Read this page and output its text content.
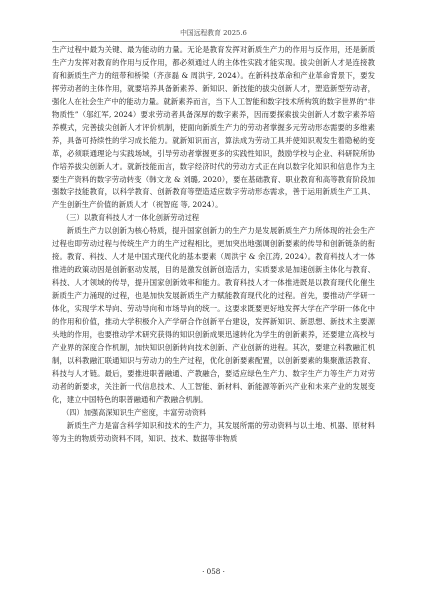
中国远程教育 2025.6

生产过程中最为关键、最为能动的力量。无论是教育发挥对新质生产力的作用与反作用，还是新质生产力发挥对教育的作用与反作用，都必须通过人的主体性实践才能实现。拔尖创新人才是连接教育和新质生产力的纽带和桥梁（齐彦磊 & 周洪宇, 2024）。在新科技革命和产业革命背景下，要发挥劳动者的主体作用，就要培养具备新素养、新知识、新技能的拔尖创新人才，塑造新型劳动者，强化人在社会生产中的能动力量。就新素养而言，当下人工智能和数字技术所构筑的数字世界的“非物质性”（邬红军, 2024）要求劳动者具备深厚的数字素养，因而要探索拔尖创新人才数字素养培养模式，完善拔尖创新人才评价机制，使面向新质生产力的劳动者掌握多元劳动形态需要的多维素养，具备可持续性的学习成长能力。就新知识而言，算法成为劳动工具并使知识观发生着隐秘的变革，必须联通理论与实践场域，引导劳动者掌握更多的实践性知识，鼓励学校与企业、科研院所协作培养拔尖创新人才。就新技能而言，数字经济时代的劳动方式正在向以数字化知识和信息作为主要生产资料的数字劳动转变（韩文龙 & 刘璐, 2020），要在基础教育、职业教育和高等教育阶段加强数字技能教育，以科学教育、创新教育等塑造适应数字劳动形态需求，善于运用新质生产工具、产生创新生产价值的新质人才（祝智庭 等, 2024）。

（三）以教育科技人才一体化创新劳动过程

新质生产力以创新为核心特质，提升国家创新力的生产力是发展新质生产力所体现的社会生产过程也即劳动过程与传统生产力的生产过程相比，更加突出地强调创新要素的传导和创新链条的衔接。教育、科技、人才是中国式现代化的基本要素（周洪宇 & 余江涛, 2024）。教育科技人才一体推进的政策动因是创新驱动发展，目的是激发创新创造活力，实质要求是加速创新主体化与教育、科技、人才领域的传导，提升国家创新效率和能力。教育科技人才一体推进既是以教育现代化催生新质生产力涌现的过程，也是加快发展新质生产力赋能教育现代化的过程。首先，要推动产学研一体化，实现学术导向、劳动导向和市场导向的统一。这要求既要更好地发挥大学在产学研一体化中的作用和价值，推动大学积极介入产学研合作创新平台建设，发挥新知识、新思想、新技术主要源头地的作用，也要推动学术研究获得的知识创新成果迅速转化为学生的创新素养，还要建立高校与产业界的深度合作机制，加快知识创新转向技术创新、产业创新的进程。其次，要建立科教融汇机制，以科教融汇联通知识与劳动力的生产过程，优化创新要素配置，以创新要素的集聚激活教育、科技与人才链。最后，要推进职普融通、产教融合，要适应绿色生产力、数字生产力等生产力对劳动者的新要求，关注新一代信息技术、人工智能、新材料、新能源等新兴产业和未来产业的发展变化，建立中国特色的职普融通和产教融合机制。

（四）加强高深知识生产密度，丰富劳动资料

新质生产力是富含科学知识和技术的生产力，其发展所需的劳动资料与以土地、机器、原材料等为主的物质劳动资料不同，知识、技术、数据等非物质

· 058 ·
